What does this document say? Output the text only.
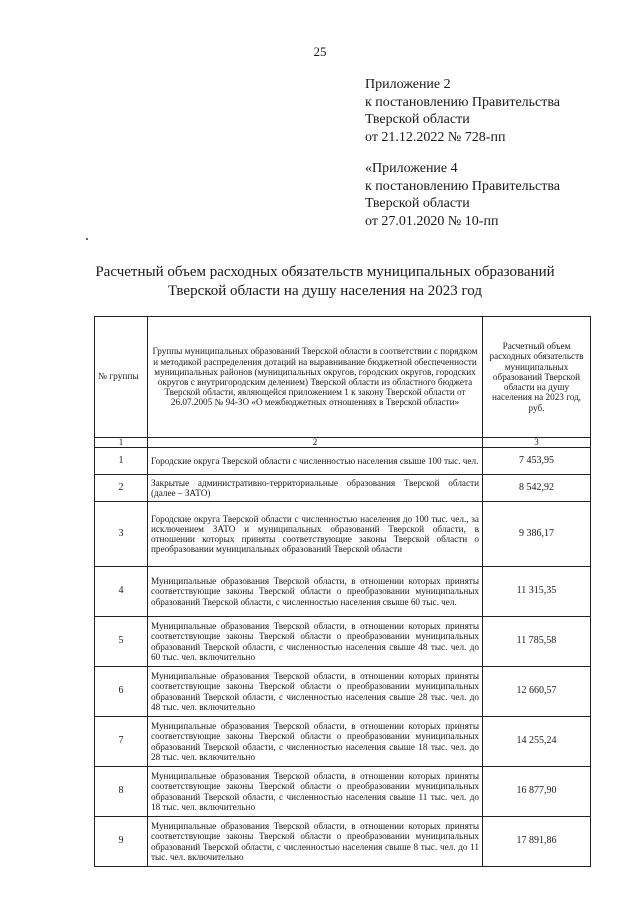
25
Приложение 2
к постановлению Правительства
Тверской области
от 21.12.2022 № 728-пп
«Приложение 4
к постановлению Правительства
Тверской области
от 27.01.2020 № 10-пп
Расчетный объем расходных обязательств муниципальных образований
Тверской области на душу населения на 2023 год
№ группы	Группы муниципальных образований Тверской области в соответствии с порядком и методикой распределения дотаций на выравнивание бюджетной обеспеченности муниципальных районов (муниципальных округов, городских округов, городских округов с внутригородским делением) Тверской области из областного бюджета Тверской области, являющейся приложением 1 к закону Тверской области от 26.07.2005 № 94-ЗО «О межбюджетных отношениях в Тверской области»	Расчетный объем расходных обязательств муниципальных образований Тверской области на душу населения на 2023 год, руб.
1	2	3
1	Городские округа Тверской области с численностью населения свыше 100 тыс. чел.	7 453,95
2	Закрытые административно-территориальные образования Тверской области (далее – ЗАТО)	8 542,92
3	Городские округа Тверской области с численностью населения до 100 тыс. чел., за исключением ЗАТО и муниципальных образований Тверской области, в отношении которых приняты соответствующие законы Тверской области о преобразовании муниципальных образований Тверской области	9 386,17
4	Муниципальные образования Тверской области, в отношении которых приняты соответствующие законы Тверской области о преобразовании муниципальных образований Тверской области, с численностью населения свыше 60 тыс. чел.	11 315,35
5	Муниципальные образования Тверской области, в отношении которых приняты соответствующие законы Тверской области о преобразовании муниципальных образований Тверской области, с численностью населения свыше 48 тыс. чел. до 60 тыс. чел. включительно	11 785,58
6	Муниципальные образования Тверской области, в отношении которых приняты соответствующие законы Тверской области о преобразовании муниципальных образований Тверской области, с численностью населения свыше 28 тыс. чел. до 48 тыс. чел. включительно	12 660,57
7	Муниципальные образования Тверской области, в отношении которых приняты соответствующие законы Тверской области о преобразовании муниципальных образований Тверской области, с численностью населения свыше 18 тыс. чел. до 28 тыс. чел. включительно	14 255,24
8	Муниципальные образования Тверской области, в отношении которых приняты соответствующие законы Тверской области о преобразовании муниципальных образований Тверской области, с численностью населения свыше 11 тыс. чел. до 18 тыс. чел. включительно	16 877,90
9	Муниципальные образования Тверской области, в отношении которых приняты соответствующие законы Тверской области о преобразовании муниципальных образований Тверской области, с численностью населения свыше 8 тыс. чел. до 11 тыс. чел. включительно	17 891,86
